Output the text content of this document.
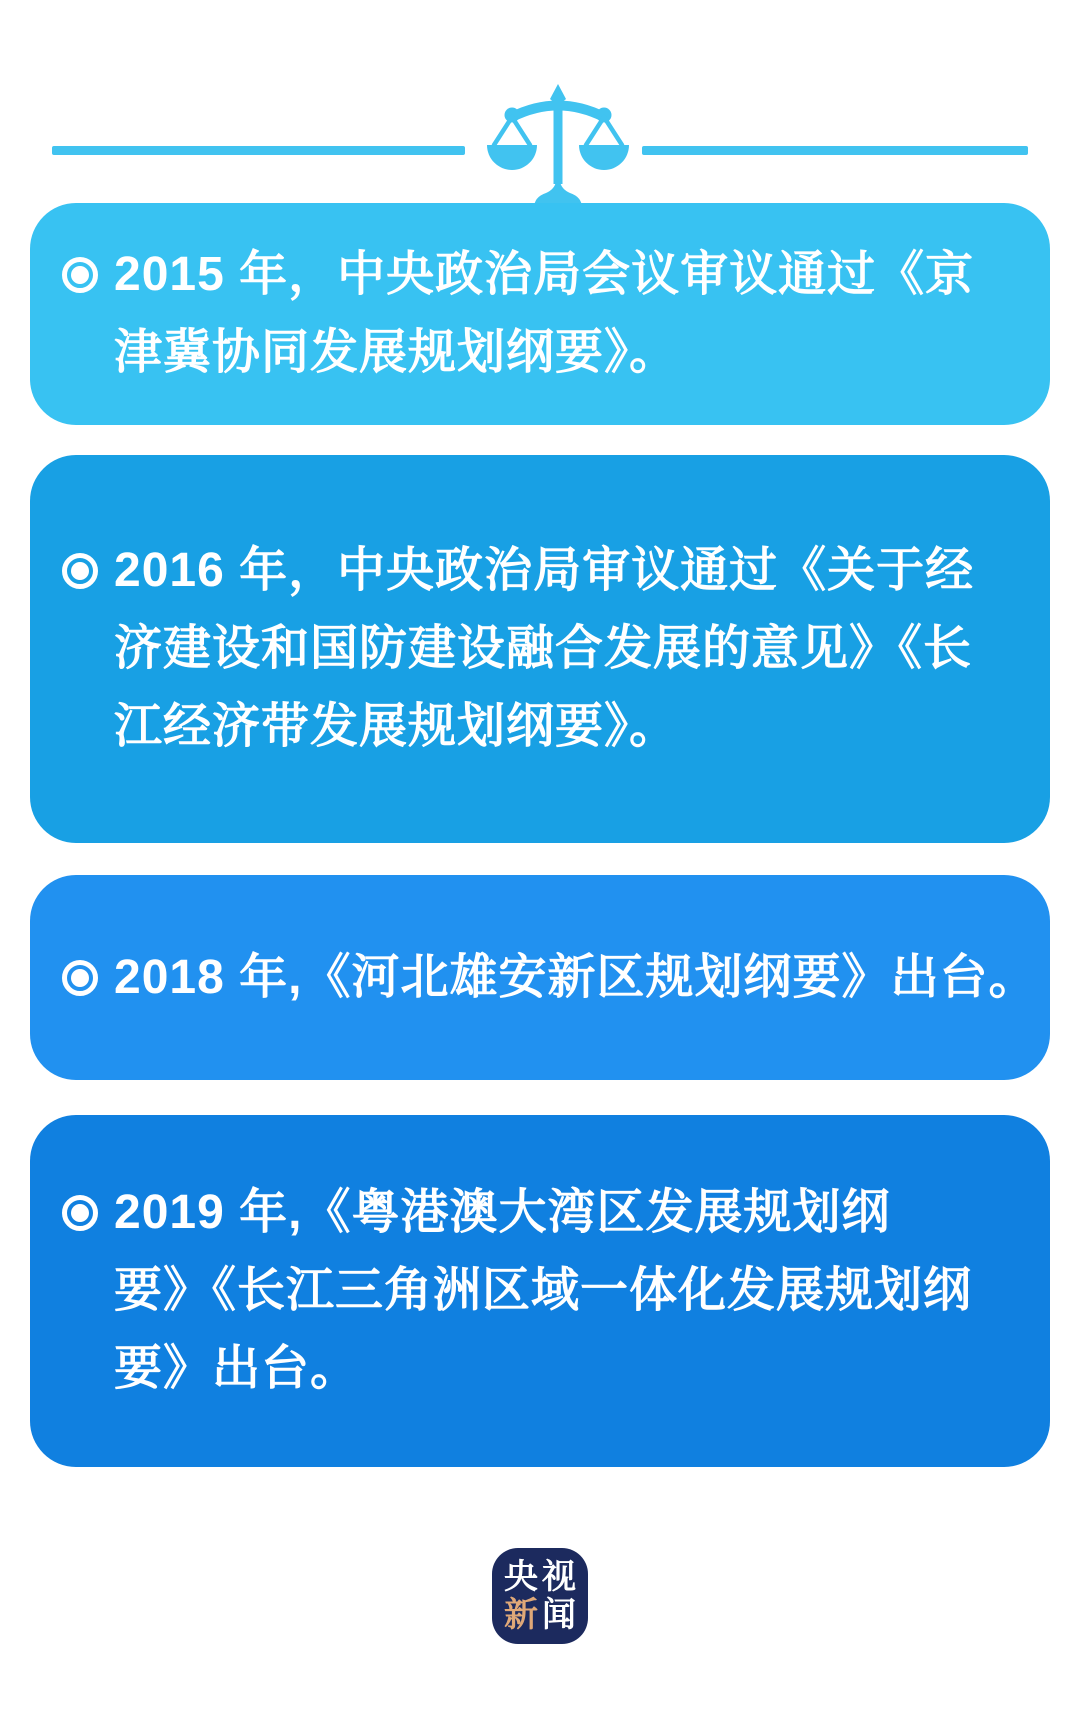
2015 年，中央政治局会议审议通过《京
津冀协同发展规划纲要》。
2016 年，中央政治局审议通过《关于经
济建设和国防建设融合发展的意见》《长
江经济带发展规划纲要》。
2018 年,《河北雄安新区规划纲要》出台。
2019 年,《粤港澳大湾区发展规划纲
要》《长江三角洲区域一体化发展规划纲
要》出台。
央 视
新 闻
